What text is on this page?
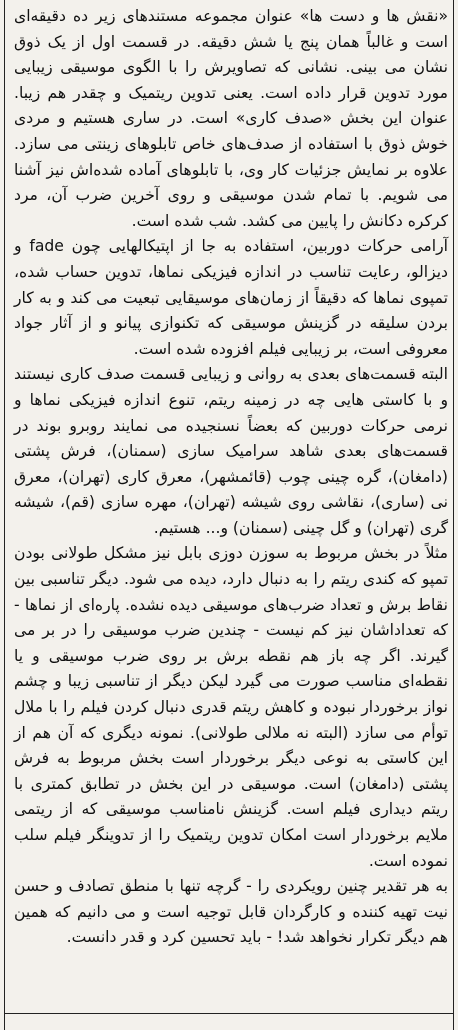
«نقش ها و دست ها» عنوان مجموعه مستندهای زیر ده دقیقه‌ای است و غالباً همان پنج یا شش دقیقه. در قسمت اول از یک ذوق نشان می بینی. نشانی که تصاویرش را با الگوی موسیقی زیبایی مورد تدوین قرار داده است. یعنی تدوین ریتمیک و چقدر هم زیبا. عنوان این بخش «صدف کاری» است. در ساری هستیم و مردی خوش ذوق با استفاده از صدف‌های خاص تابلوهای زینتی می سازد. علاوه بر نمایش جزئیات کار وی، با تابلوهای آماده شده‌اش نیز آشنا می شویم. با تمام شدن موسیقی و روی آخرین ضرب آن، مرد کرکره دکانش را پایین می کشد. شب شده است.

آرامی حرکات دوربین، استفاده به جا از اپتیکالهایی چون fade و دیزالو، رعایت تناسب در اندازه فیزیکی نماها، تدوین حساب شده، تمپوی نماها که دقیقاً از زمان‌های موسیقایی تبعیت می کند و به کار بردن سلیقه در گزینش موسیقی که تکنوازی پیانو و از آثار جواد معروفی است، بر زیبایی فیلم افزوده شده است.

البته قسمت‌های بعدی به روانی و زیبایی قسمت صدف کاری نیستند و با کاستی هایی چه در زمینه ریتم، تنوع اندازه فیزیکی نماها و نرمی حرکات دوربین که بعضاً نسنجیده می نمایند روبرو بوند در قسمت‌های بعدی شاهد سرامیک سازی (سمنان)، فرش پشتی (دامغان)، گره چینی چوب (قائمشهر)، معرق کاری (تهران)، معرق نی (ساری)، نقاشی روی شیشه (تهران)، مهره سازی (قم)، شیشه گری (تهران) و گل چینی (سمنان) و... هستیم.

مثلاً در بخش مربوط به سوزن دوزی بابل نیز مشکل طولانی بودن تمپو که کندی ریتم را به دنبال دارد، دیده می شود. دیگر تناسبی بین نقاط برش و تعداد ضرب‌های موسیقی دیده نشده. پاره‌ای از نماها - که تعداداشان نیز کم نیست - چندین ضرب موسیقی را در بر می گیرند. اگر چه باز هم نقطه برش بر روی ضرب موسیقی و یا نقطه‌ای مناسب صورت می گیرد لیکن دیگر از تناسبی زیبا و چشم نواز برخوردار نبوده و کاهش ریتم قدری دنبال کردن فیلم را با ملال توأم می سازد (البته نه ملالی طولانی). نمونه دیگری که آن هم از این کاستی به نوعی دیگر برخوردار است بخش مربوط به فرش پشتی (دامغان) است. موسیقی در این بخش در تطابق کمتری با ریتم دیداری فیلم است. گزینش نامناسب موسیقی که از ریتمی ملایم برخوردار است امکان تدوین ریتمیک را از تدوینگر فیلم سلب نموده است.

به هر تقدیر چنین رویکردی را - گرچه تنها با منطق تصادف و حسن نیت تهیه کننده و کارگردان قابل توجیه است و می دانیم که همین هم دیگر تکرار نخواهد شد! - باید تحسین کرد و قدر دانست.
